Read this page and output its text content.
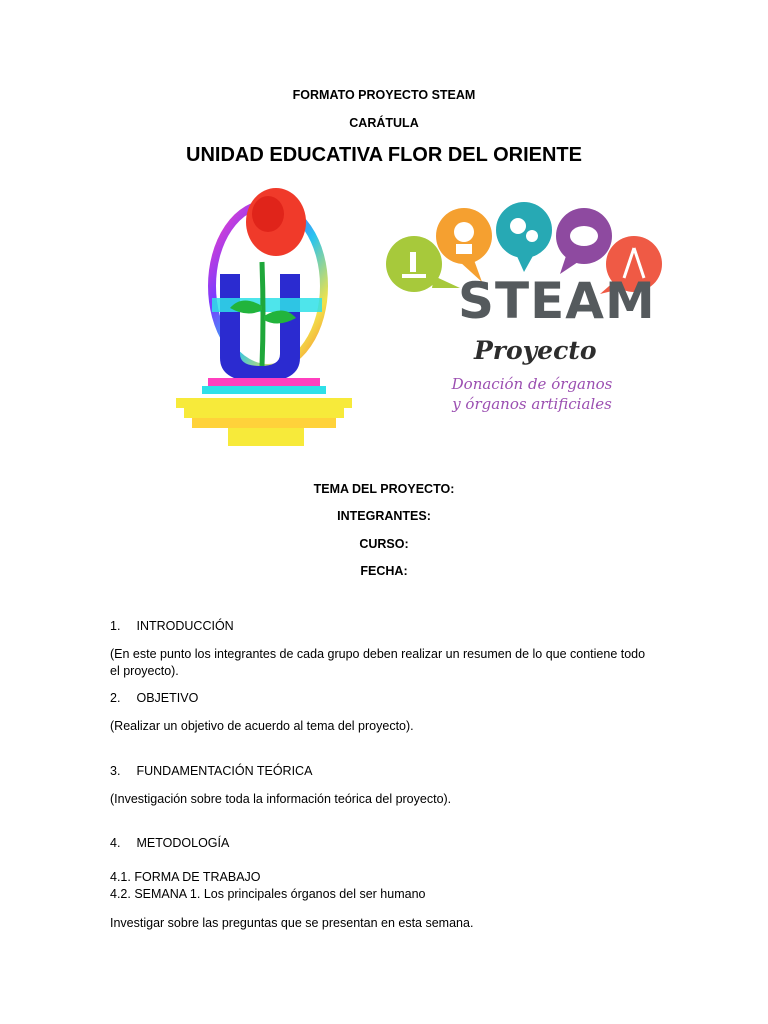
FORMATO PROYECTO STEAM
CARÁTULA
UNIDAD EDUCATIVA FLOR DEL ORIENTE
STEAM
Proyecto
Donación de órganos
y órganos artificiales
TEMA DEL PROYECTO:
INTEGRANTES:
CURSO:
FECHA:
1. INTRODUCCIÓN
(En este punto los integrantes de cada grupo deben realizar un resumen de lo que contiene todo el proyecto).
2. OBJETIVO
(Realizar un objetivo de acuerdo al tema del proyecto).
3. FUNDAMENTACIÓN TEÓRICA
(Investigación sobre toda la información teórica del proyecto).
4. METODOLOGÍA
4.1. FORMA DE TRABAJO
4.2. SEMANA 1. Los principales órganos del ser humano
Investigar sobre las preguntas que se presentan en esta semana.
